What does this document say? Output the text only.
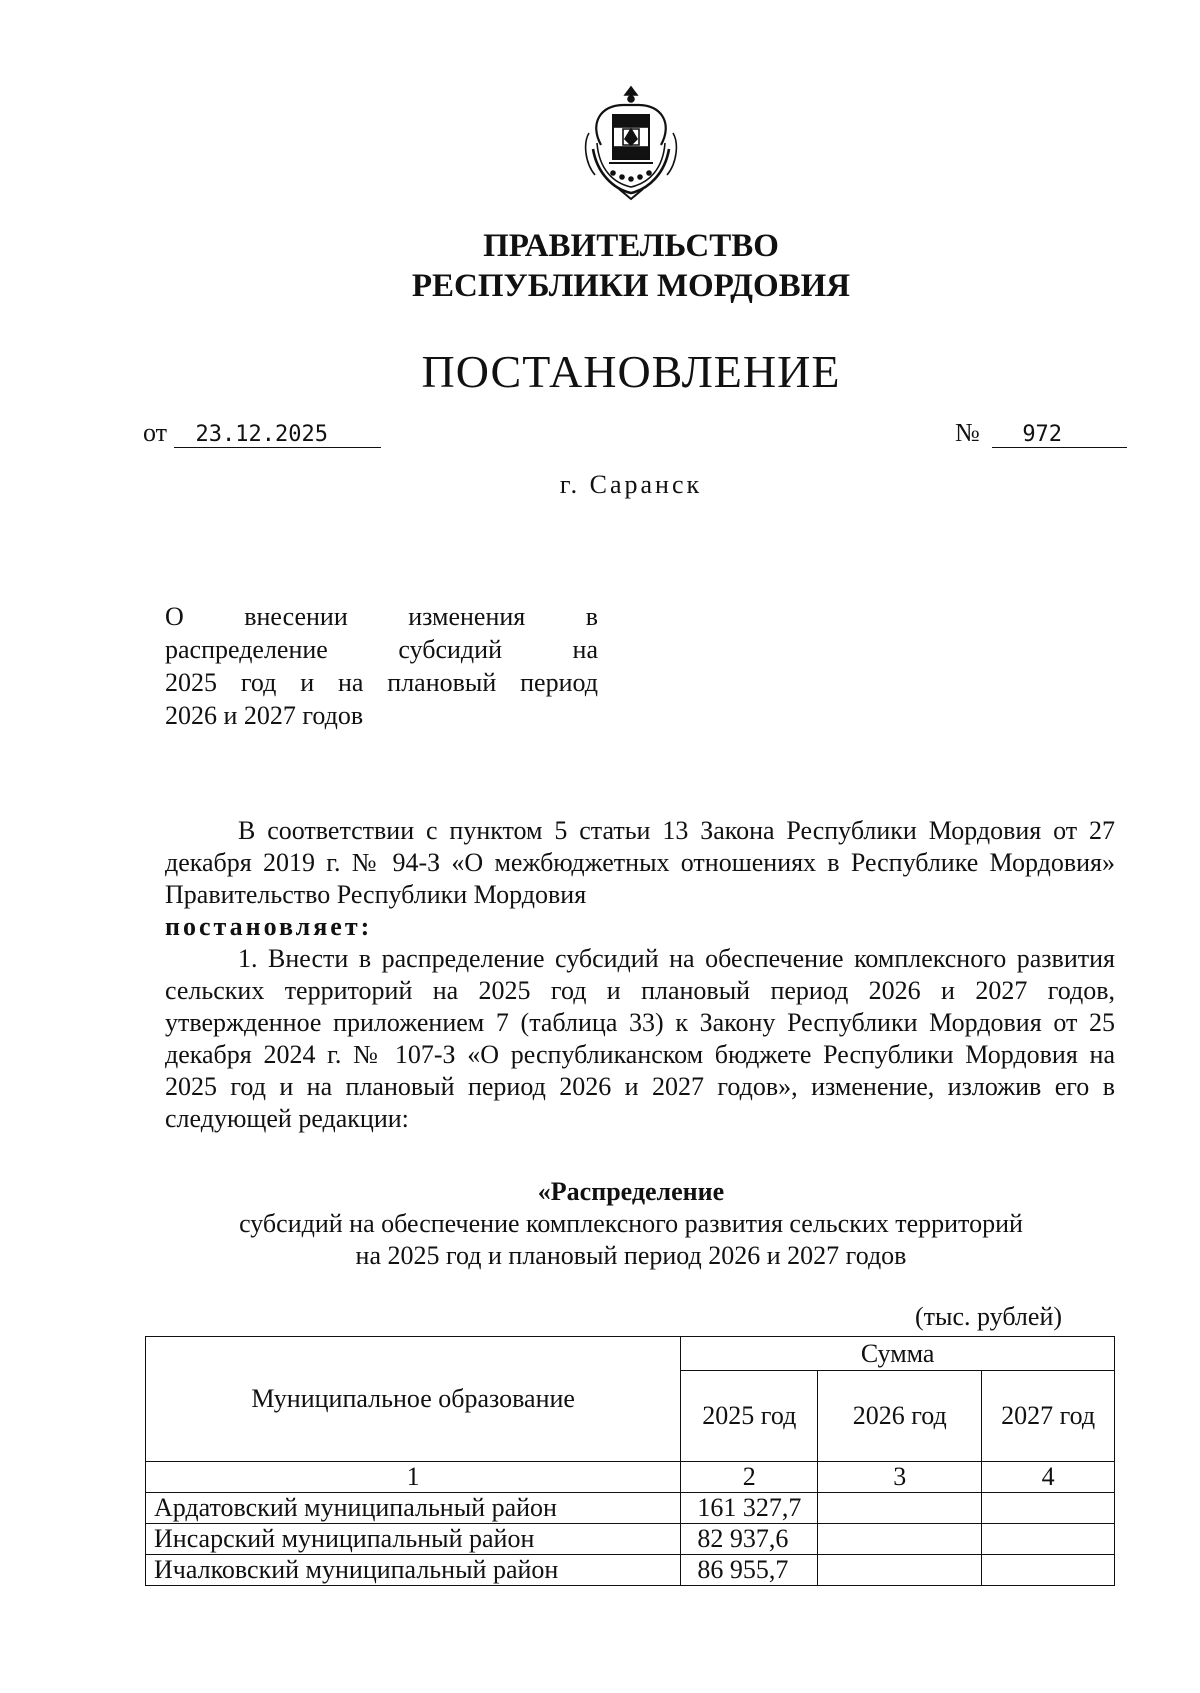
ПРАВИТЕЛЬСТВО
РЕСПУБЛИКИ МОРДОВИЯ
ПОСТАНОВЛЕНИЕ
от 23.12.2025	№ 972
г. Саранск
О внесении изменения в
распределение субсидий на
2025 год и на плановый период
2026 и 2027 годов

В соответствии с пунктом 5 статьи 13 Закона Республики Мордовия от 27 декабря 2019 г. № 94-З «О межбюджетных отношениях в Республике Мордовия» Правительство Республики Мордовия

постановляет:

1. Внести в распределение субсидий на обеспечение комплексного развития сельских территорий на 2025 год и плановый период 2026 и 2027 годов, утвержденное приложением 7 (таблица 33) к Закону Республики Мордовия от 25 декабря 2024 г. № 107-З «О республиканском бюджете Республики Мордовия на 2025 год и на плановый период 2026 и 2027 годов», изменение, изложив его в следующей редакции:

«Распределение
субсидий на обеспечение комплексного развития сельских территорий
на 2025 год и плановый период 2026 и 2027 годов
(тыс. рублей)
Муниципальное образование	Сумма		
	2025 год	2026 год	2027 год
1	2	3	4
Ардатовский муниципальный район	161 327,7		
Инсарский муниципальный район	82 937,6		
Ичалковский муниципальный район	86 955,7		
